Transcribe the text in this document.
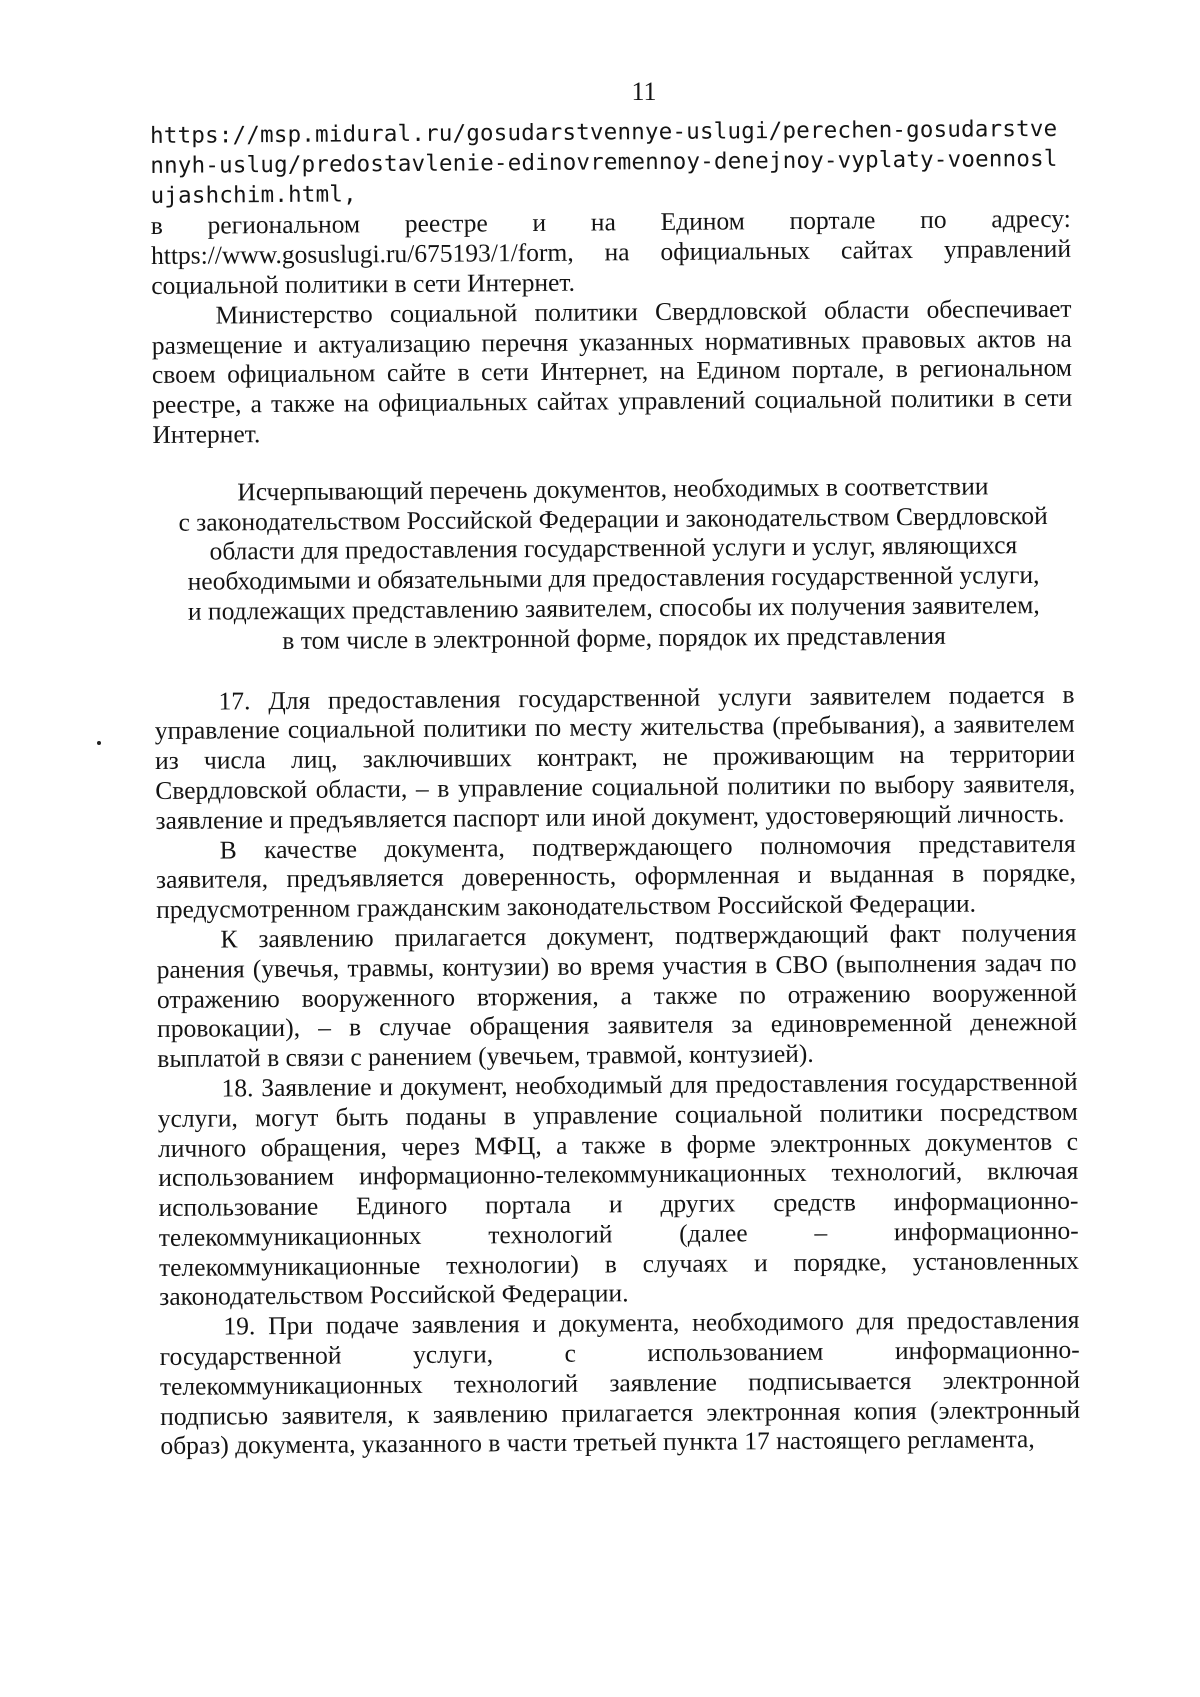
11
https://msp.midural.ru/gosudarstvennye-uslugi/perechen-gosudarstvennyh-uslug/predostavlenie-edinovremennoy-denejnoy-vyplaty-voennoslujashchim.html,

в региональном реестре и на Едином портале по адресу: https://www.gosuslugi.ru/675193/1/form, на официальных сайтах управлений социальной политики в сети Интернет.

Министерство социальной политики Свердловской области обеспечивает размещение и актуализацию перечня указанных нормативных правовых актов на своем официальном сайте в сети Интернет, на Едином портале, в региональном реестре, а также на официальных сайтах управлений социальной политики в сети Интернет.

Исчерпывающий перечень документов, необходимых в соответствии
с законодательством Российской Федерации и законодательством Свердловской
области для предоставления государственной услуги и услуг, являющихся
необходимыми и обязательными для предоставления государственной услуги,
и подлежащих представлению заявителем, способы их получения заявителем,
в том числе в электронной форме, порядок их представления

17. Для предоставления государственной услуги заявителем подается в управление социальной политики по месту жительства (пребывания), а заявителем из числа лиц, заключивших контракт, не проживающим на территории Свердловской области, – в управление социальной политики по выбору заявителя, заявление и предъявляется паспорт или иной документ, удостоверяющий личность.

В качестве документа, подтверждающего полномочия представителя заявителя, предъявляется доверенность, оформленная и выданная в порядке, предусмотренном гражданским законодательством Российской Федерации.

К заявлению прилагается документ, подтверждающий факт получения ранения (увечья, травмы, контузии) во время участия в СВО (выполнения задач по отражению вооруженного вторжения, а также по отражению вооруженной провокации), – в случае обращения заявителя за единовременной денежной выплатой в связи с ранением (увечьем, травмой, контузией).

18. Заявление и документ, необходимый для предоставления государственной услуги, могут быть поданы в управление социальной политики посредством личного обращения, через МФЦ, а также в форме электронных документов с использованием информационно-телекоммуникационных технологий, включая использование Единого портала и других средств информационно-телекоммуникационных технологий (далее – информационно-телекоммуникационные технологии) в случаях и порядке, установленных законодательством Российской Федерации.

19. При подаче заявления и документа, необходимого для предоставления государственной услуги, с использованием информационно-телекоммуникационных технологий заявление подписывается электронной подписью заявителя, к заявлению прилагается электронная копия (электронный образ) документа, указанного в части третьей пункта 17 настоящего регламента,
